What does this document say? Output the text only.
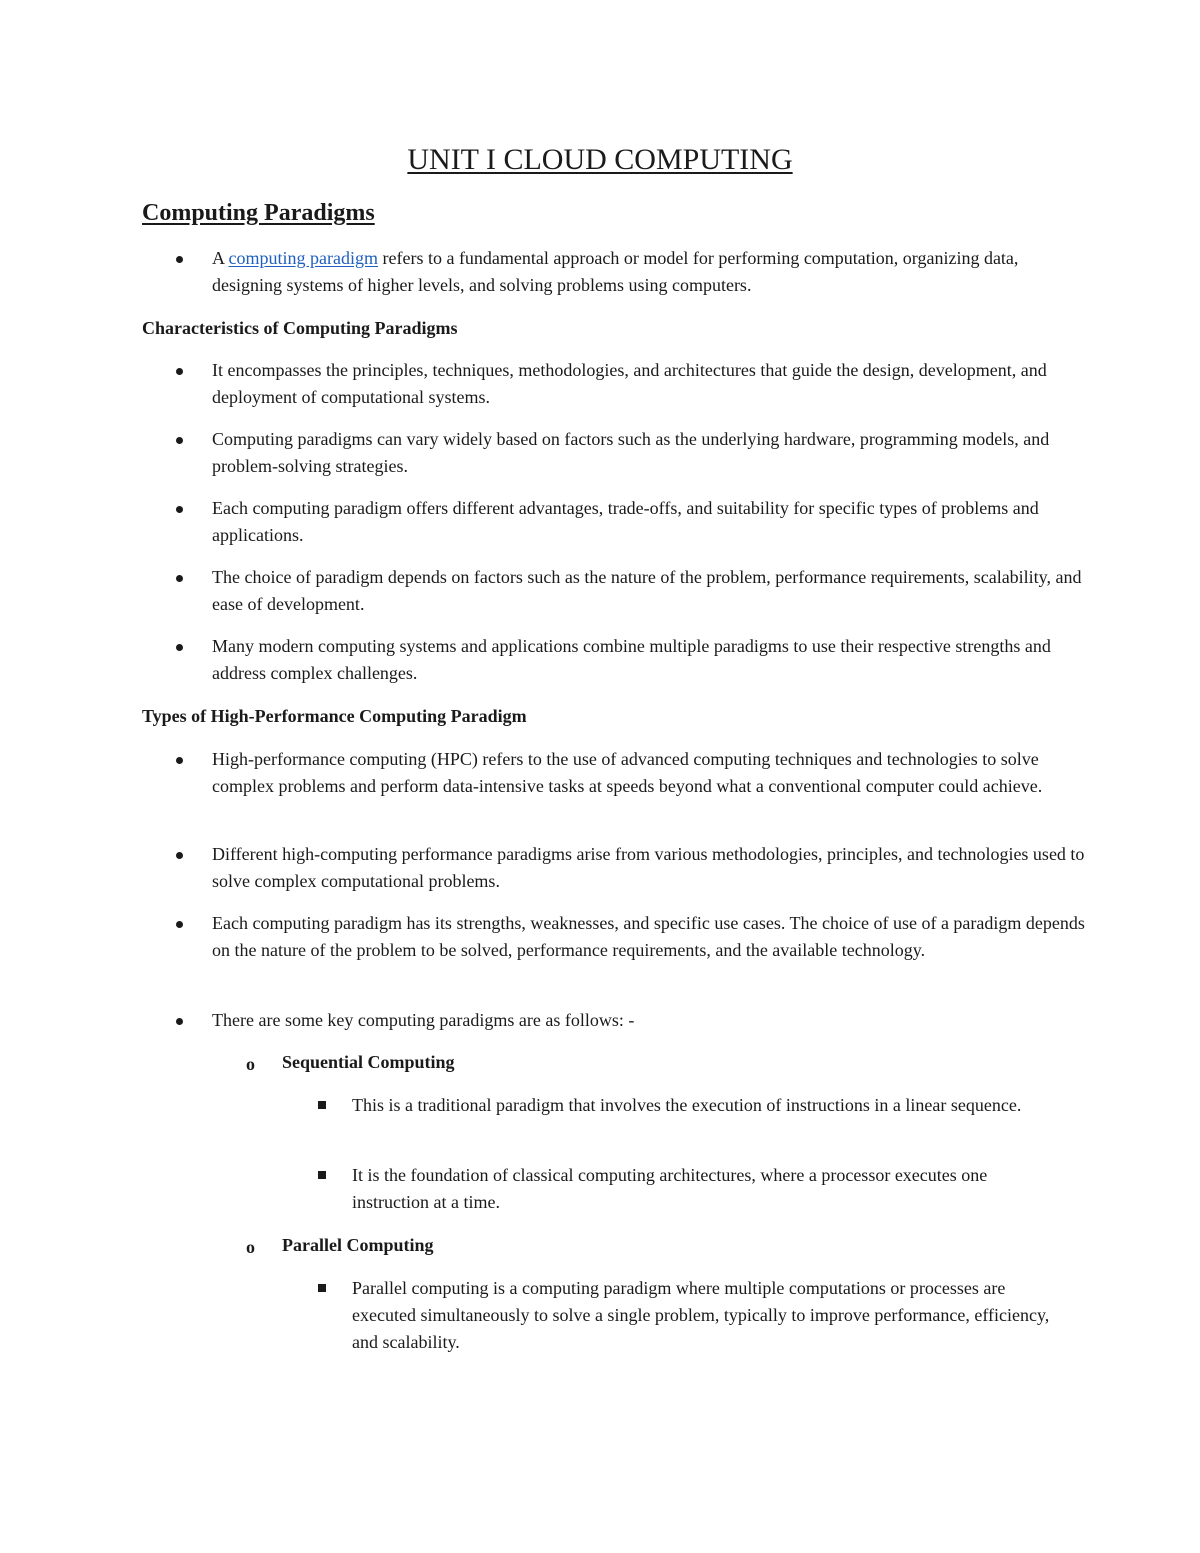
UNIT I CLOUD COMPUTING
Computing Paradigms

A computing paradigm refers to a fundamental approach or model for performing computation, organizing data, designing systems of higher levels, and solving problems using computers.

Characteristics of Computing Paradigms

It encompasses the principles, techniques, methodologies, and architectures that guide the design, development, and deployment of computational systems.

Computing paradigms can vary widely based on factors such as the underlying hardware, programming models, and problem-solving strategies.

Each computing paradigm offers different advantages, trade-offs, and suitability for specific types of problems and applications.

The choice of paradigm depends on factors such as the nature of the problem, performance requirements, scalability, and ease of development.

Many modern computing systems and applications combine multiple paradigms to use their respective strengths and address complex challenges.

Types of High-Performance Computing Paradigm

High-performance computing (HPC) refers to the use of advanced computing techniques and technologies to solve complex problems and perform data-intensive tasks at speeds beyond what a conventional computer could achieve.

Different high-computing performance paradigms arise from various methodologies, principles, and technologies used to solve complex computational problems.

Each computing paradigm has its strengths, weaknesses, and specific use cases. The choice of use of a paradigm depends on the nature of the problem to be solved, performance requirements, and the available technology.

There are some key computing paradigms are as follows: -

o Sequential Computing

This is a traditional paradigm that involves the execution of instructions in a linear sequence.

It is the foundation of classical computing architectures, where a processor executes one instruction at a time.

o Parallel Computing

Parallel computing is a computing paradigm where multiple computations or processes are executed simultaneously to solve a single problem, typically to improve performance, efficiency, and scalability.
